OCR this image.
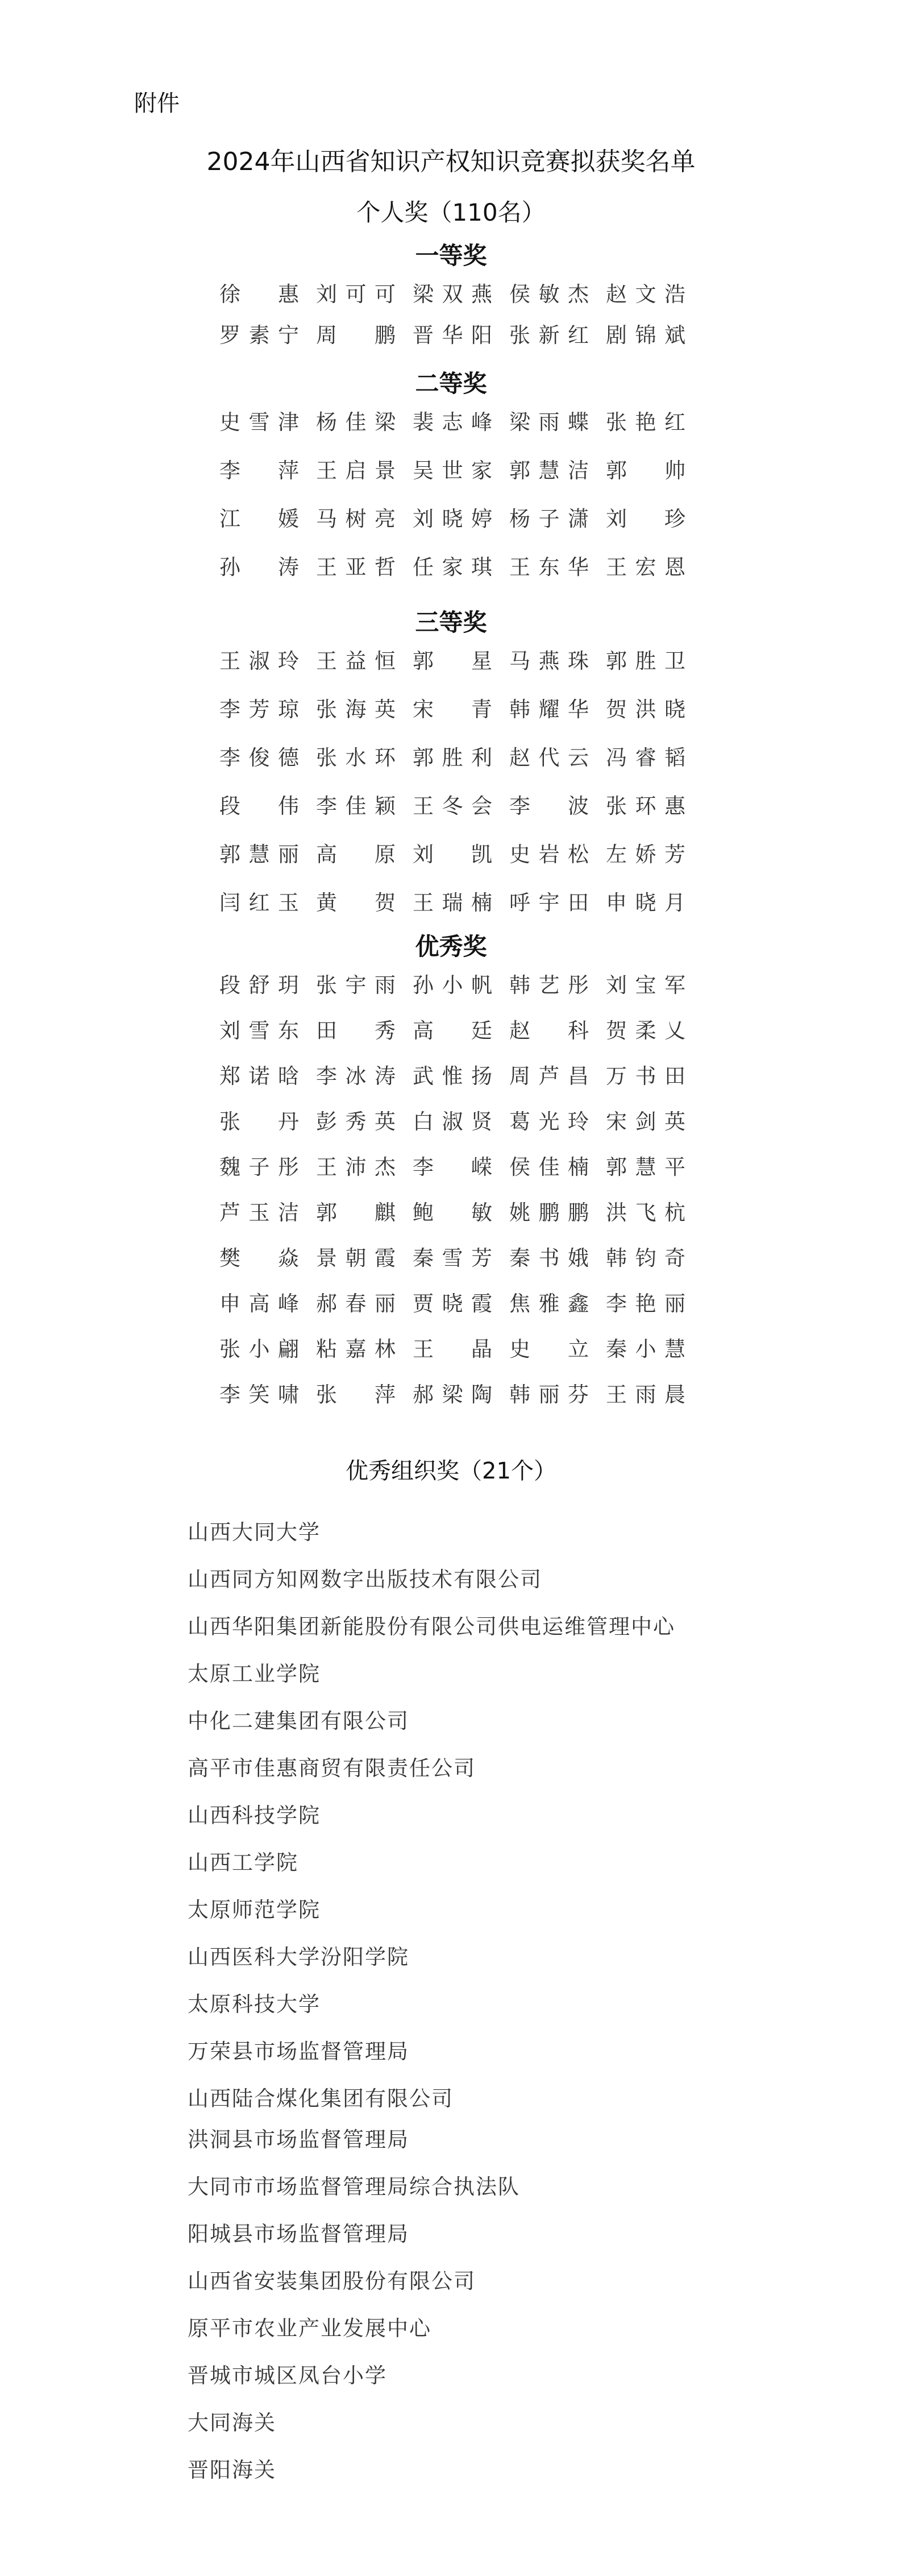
附件
2024年山西省知识产权知识竞赛拟获奖名单
个人奖（110名）
一等奖
徐　惠 刘可可 梁双燕 侯敏杰 赵文浩
罗素宁 周　鹏 晋华阳 张新红 剧锦斌
二等奖
史雪津 杨佳梁 裴志峰 梁雨蝶 张艳红
李　萍 王启景 吴世家 郭慧洁 郭　帅
江　媛 马树亮 刘晓婷 杨子潇 刘　珍
孙　涛 王亚哲 任家琪 王东华 王宏恩
三等奖
王淑玲 王益恒 郭　星 马燕珠 郭胜卫
李芳琼 张海英 宋　青 韩耀华 贺洪晓
李俊德 张水环 郭胜利 赵代云 冯睿韬
段　伟 李佳颖 王冬会 李　波 张环惠
郭慧丽 高　原 刘　凯 史岩松 左娇芳
闫红玉 黄　贺 王瑞楠 呼宇田 申晓月
优秀奖
段舒玥 张宇雨 孙小帆 韩艺彤 刘宝军
刘雪东 田　秀 高　廷 赵　科 贺柔乂
郑诺晗 李冰涛 武惟扬 周芦昌 万书田
张　丹 彭秀英 白淑贤 葛光玲 宋剑英
魏子彤 王沛杰 李　嵘 侯佳楠 郭慧平
芦玉洁 郭　麒 鲍　敏 姚鹏鹏 洪飞杭
樊　焱 景朝霞 秦雪芳 秦书娥 韩钧奇
申高峰 郝春丽 贾晓霞 焦雅鑫 李艳丽
张小翩 粘嘉林 王　晶 史　立 秦小慧
李笑啸 张　萍 郝梁陶 韩丽芬 王雨晨
优秀组织奖（21个）
山西大同大学
山西同方知网数字出版技术有限公司
山西华阳集团新能股份有限公司供电运维管理中心
太原工业学院
中化二建集团有限公司
高平市佳惠商贸有限责任公司
山西科技学院
山西工学院
太原师范学院
山西医科大学汾阳学院
太原科技大学
万荣县市场监督管理局
山西陆合煤化集团有限公司
洪洞县市场监督管理局
大同市市场监督管理局综合执法队
阳城县市场监督管理局
山西省安装集团股份有限公司
原平市农业产业发展中心
晋城市城区凤台小学
大同海关
晋阳海关
